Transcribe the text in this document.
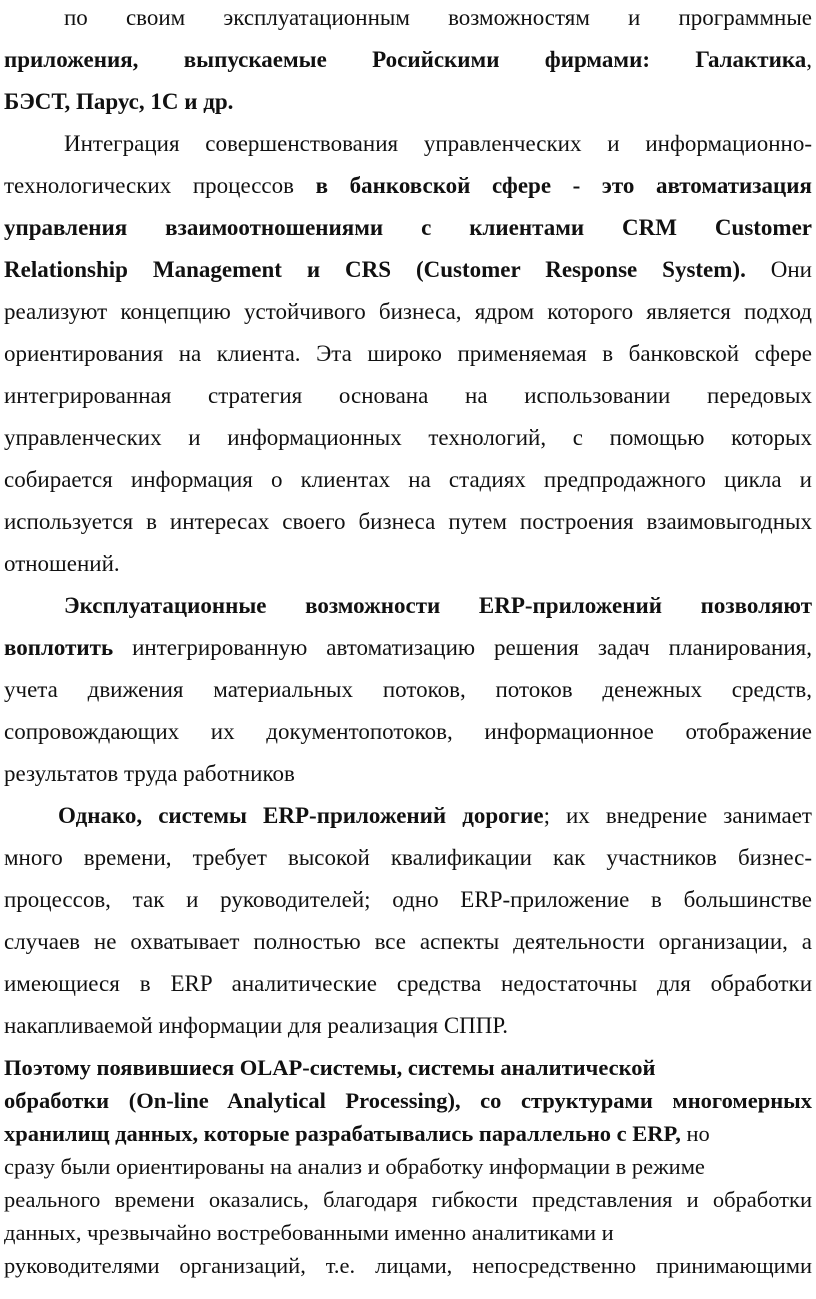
по своим эксплуатационным возможностям и программные
приложения, выпускаемые Росийскими фирмами: Галактика,
БЭСТ, Парус, 1С и др.
Интеграция совершенствования управленческих и информационно-
технологических процессов в банковской сфере - это автоматизация
управления взаимоотношениями с клиентами CRM Customer
Relationship Management и CRS (Customer Response System). Они
реализуют концепцию устойчивого бизнеса, ядром которого является подход
ориентирования на клиента. Эта широко применяемая в банковской сфере
интегрированная стратегия основана на использовании передовых
управленческих и информационных технологий, с помощью которых
собирается информация о клиентах на стадиях предпродажного цикла и
используется в интересах своего бизнеса путем построения взаимовыгодных
отношений.
Эксплуатационные возможности ERP-приложений позволяют
воплотить интегрированную автоматизацию решения задач планирования,
учета движения материальных потоков, потоков денежных средств,
сопровождающих их документопотоков, информационное отображение
результатов труда работников
Однако, системы ERP-приложений дорогие; их внедрение занимает
много времени, требует высокой квалификации как участников бизнес-
процессов, так и руководителей; одно ERP-приложение в большинстве
случаев не охватывает полностью все аспекты деятельности организации, а
имеющиеся в ERP аналитические средства недостаточны для обработки
накапливаемой информации для реализация СППР.
Поэтому появившиеся OLAP-системы, системы аналитической
обработки (On-line Analytical Processing), со структурами многомерных
хранилищ данных, которые разрабатывались параллельно с ERP, но
сразу были ориентированы на анализ и обработку информации в режиме
реального времени оказались, благодаря гибкости представления и обработки
данных, чрезвычайно востребованными именно аналитиками и
руководителями организаций, т.е. лицами, непосредственно принимающими
